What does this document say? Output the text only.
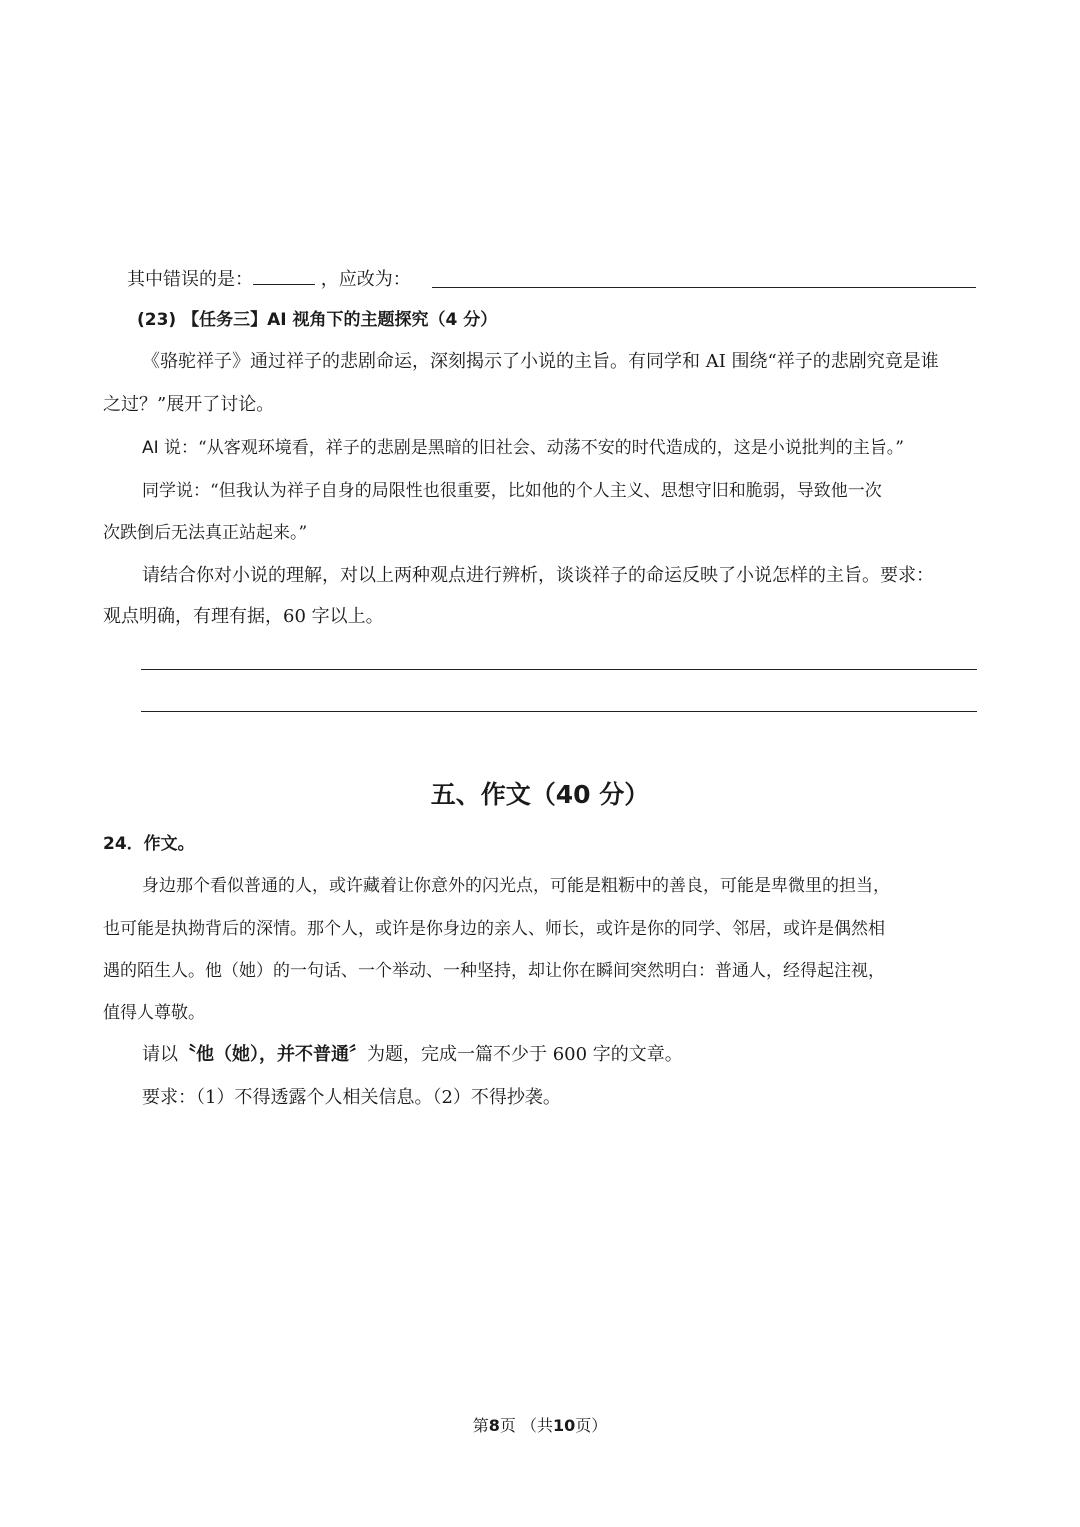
其中错误的是：	，应改为：
(23) 【任务三】AI 视角下的主题探究（4 分）
《骆驼祥子》通过祥子的悲剧命运，深刻揭示了小说的主旨。有同学和 AI 围绕“祥子的悲剧究竟是谁
之过？”展开了讨论。
AI 说：“从客观环境看，祥子的悲剧是黑暗的旧社会、动荡不安的时代造成的，这是小说批判的主旨。”
同学说：“但我认为祥子自身的局限性也很重要，比如他的个人主义、思想守旧和脆弱，导致他一次
次跌倒后无法真正站起来。”
请结合你对小说的理解，对以上两种观点进行辨析，谈谈祥子的命运反映了小说怎样的主旨。要求：
观点明确，有理有据，60 字以上。
五、作文（40 分）
24．作文。
身边那个看似普通的人，或许藏着让你意外的闪光点，可能是粗粝中的善良，可能是卑微里的担当，
也可能是执拗背后的深情。那个人，或许是你身边的亲人、师长，或许是你的同学、邻居，或许是偶然相
遇的陌生人。他（她）的一句话、一个举动、一种坚持，却让你在瞬间突然明白：普通人，经得起注视，
值得人尊敬。
请以〝他（她），并不普通〞为题，完成一篇不少于 600 字的文章。
要求：（1）不得透露个人相关信息。（2）不得抄袭。
第8页 （共10页）
